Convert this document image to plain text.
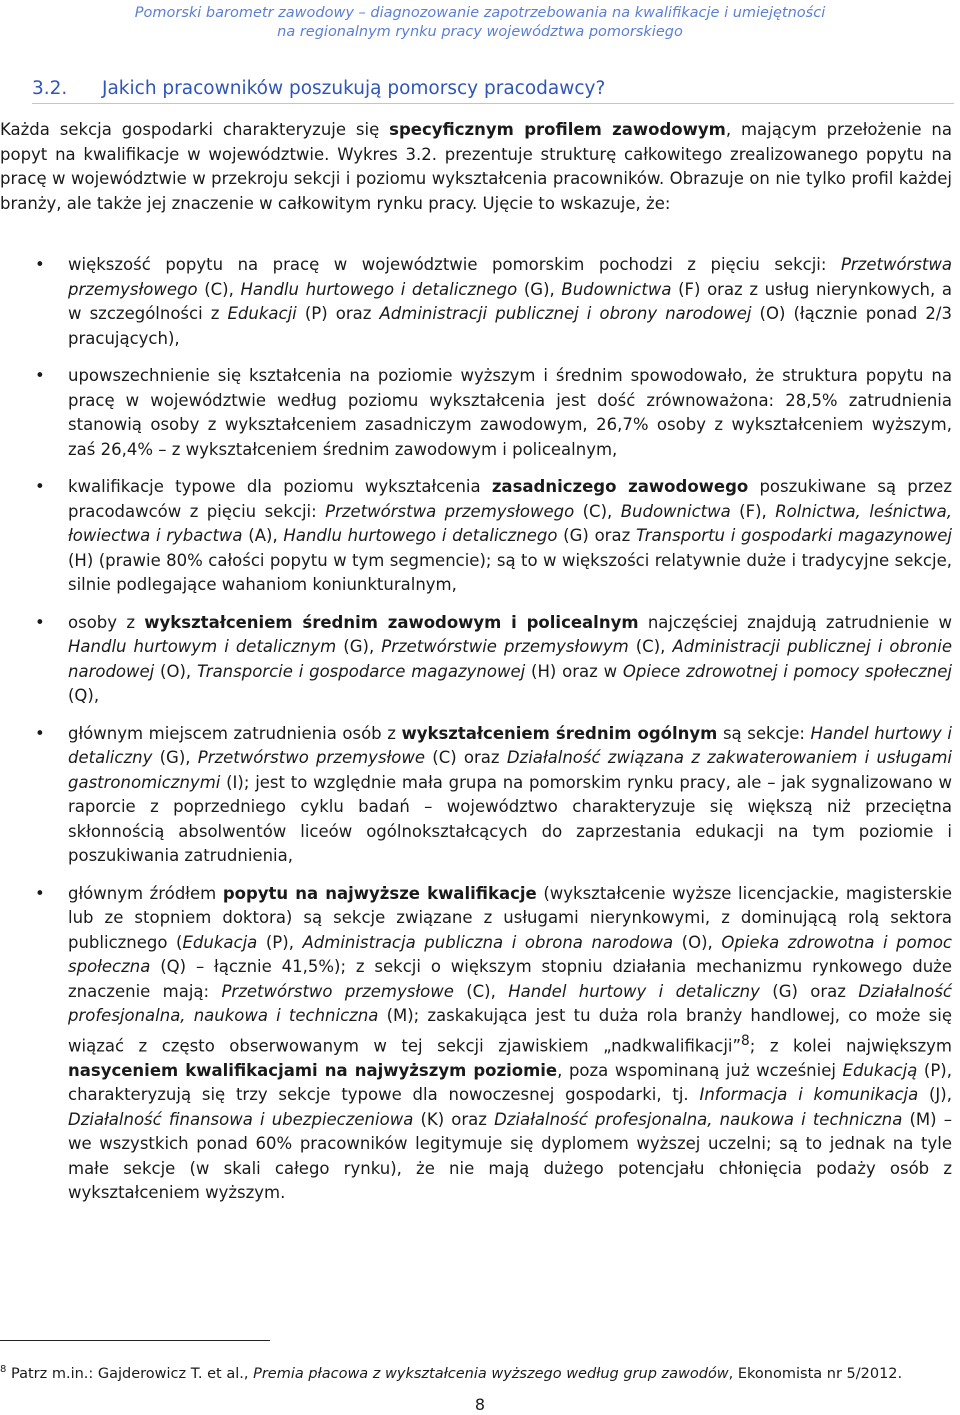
Pomorski barometr zawodowy – diagnozowanie zapotrzebowania na kwalifikacje i umiejętności
na regionalnym rynku pracy województwa pomorskiego
3.2. Jakich pracowników poszukują pomorscy pracodawcy?
Każda sekcja gospodarki charakteryzuje się specyficznym profilem zawodowym, mającym przełożenie na popyt na kwalifikacje w województwie. Wykres 3.2. prezentuje strukturę całkowitego zrealizowanego popytu na pracę w województwie w przekroju sekcji i poziomu wykształcenia pracowników. Obrazuje on nie tylko profil każdej branży, ale także jej znaczenie w całkowitym rynku pracy. Ujęcie to wskazuje, że:
• większość popytu na pracę w województwie pomorskim pochodzi z pięciu sekcji: Przetwórstwa przemysłowego (C), Handlu hurtowego i detalicznego (G), Budownictwa (F) oraz z usług nierynkowych, a w szczególności z Edukacji (P) oraz Administracji publicznej i obrony narodowej (O) (łącznie ponad 2/3 pracujących),
• upowszechnienie się kształcenia na poziomie wyższym i średnim spowodowało, że struktura popytu na pracę w województwie według poziomu wykształcenia jest dość zrównoważona: 28,5% zatrudnienia stanowią osoby z wykształceniem zasadniczym zawodowym, 26,7% osoby z wykształceniem wyższym, zaś 26,4% – z wykształceniem średnim zawodowym i policealnym,
• kwalifikacje typowe dla poziomu wykształcenia zasadniczego zawodowego poszukiwane są przez pracodawców z pięciu sekcji: Przetwórstwa przemysłowego (C), Budownictwa (F), Rolnictwa, leśnictwa, łowiectwa i rybactwa (A), Handlu hurtowego i detalicznego (G) oraz Transportu i gospodarki magazynowej (H) (prawie 80% całości popytu w tym segmencie); są to w większości relatywnie duże i tradycyjne sekcje, silnie podlegające wahaniom koniunkturalnym,
• osoby z wykształceniem średnim zawodowym i policealnym najczęściej znajdują zatrudnienie w Handlu hurtowym i detalicznym (G), Przetwórstwie przemysłowym (C), Administracji publicznej i obronie narodowej (O), Transporcie i gospodarce magazynowej (H) oraz w Opiece zdrowotnej i pomocy społecznej (Q),
• głównym miejscem zatrudnienia osób z wykształceniem średnim ogólnym są sekcje: Handel hurtowy i detaliczny (G), Przetwórstwo przemysłowe (C) oraz Działalność związana z zakwaterowaniem i usługami gastronomicznymi (I); jest to względnie mała grupa na pomorskim rynku pracy, ale – jak sygnalizowano w raporcie z poprzedniego cyklu badań – województwo charakteryzuje się większą niż przeciętna skłonnością absolwentów liceów ogólnokształcących do zaprzestania edukacji na tym poziomie i poszukiwania zatrudnienia,
• głównym źródłem popytu na najwyższe kwalifikacje (wykształcenie wyższe licencjackie, magisterskie lub ze stopniem doktora) są sekcje związane z usługami nierynkowymi, z dominującą rolą sektora publicznego (Edukacja (P), Administracja publiczna i obrona narodowa (O), Opieka zdrowotna i pomoc społeczna (Q) – łącznie 41,5%); z sekcji o większym stopniu działania mechanizmu rynkowego duże znaczenie mają: Przetwórstwo przemysłowe (C), Handel hurtowy i detaliczny (G) oraz Działalność profesjonalna, naukowa i techniczna (M); zaskakująca jest tu duża rola branży handlowej, co może się wiązać z często obserwowanym w tej sekcji zjawiskiem „nadkwalifikacji”$^8$; z kolei największym nasyceniem kwalifikacjami na najwyższym poziomie, poza wspominaną już wcześniej Edukacją (P), charakteryzują się trzy sekcje typowe dla nowoczesnej gospodarki, tj. Informacja i komunikacja (J), Działalność finansowa i ubezpieczeniowa (K) oraz Działalność profesjonalna, naukowa i techniczna (M) – we wszystkich ponad 60% pracowników legitymuje się dyplomem wyższej uczelni; są to jednak na tyle małe sekcje (w skali całego rynku), że nie mają dużego potencjału chłonięcia podaży osób z wykształceniem wyższym.
$^8$ Patrz m.in.: Gajderowicz T. et al., Premia płacowa z wykształcenia wyższego według grup zawodów, Ekonomista nr 5/2012.
8
